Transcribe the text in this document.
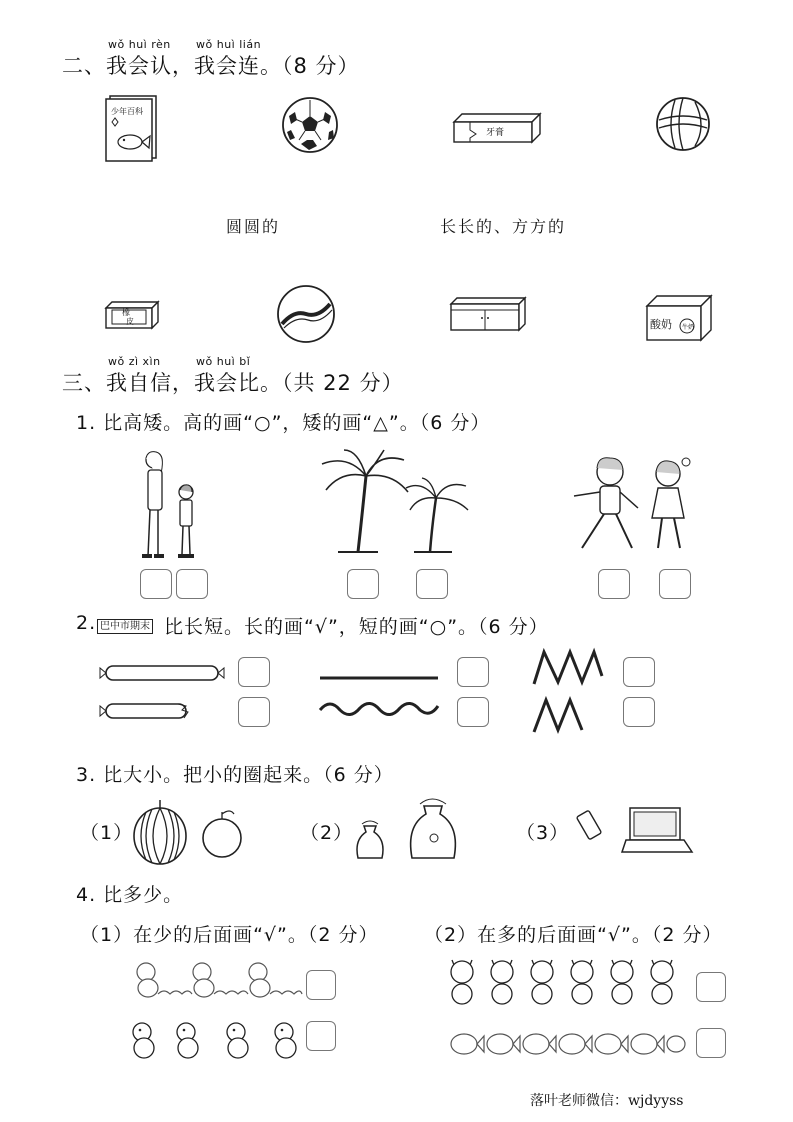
wǒ huì rèn wǒ huì lián
二、我会认，我会连。（8 分）
少年百科
牙膏
圆圆的	长长的、方方的
橡
皮	酸奶 牛奶
wǒ zì xìn	wǒ huì bǐ
三、我自信，我会比。（共 22 分）
1. 比高矮。高的画“○”，矮的画“△”。（6 分）
2. 巴中市期末 比长短。长的画“√”，短的画“○”。（6 分）
3. 比大小。把小的圈起来。（6 分）
（1）	（2）	（3）
4. 比多少。
（1）在少的后面画“√”。（2 分） （2）在多的后面画“√”。（2 分）
落叶老师微信：wjdyyss
